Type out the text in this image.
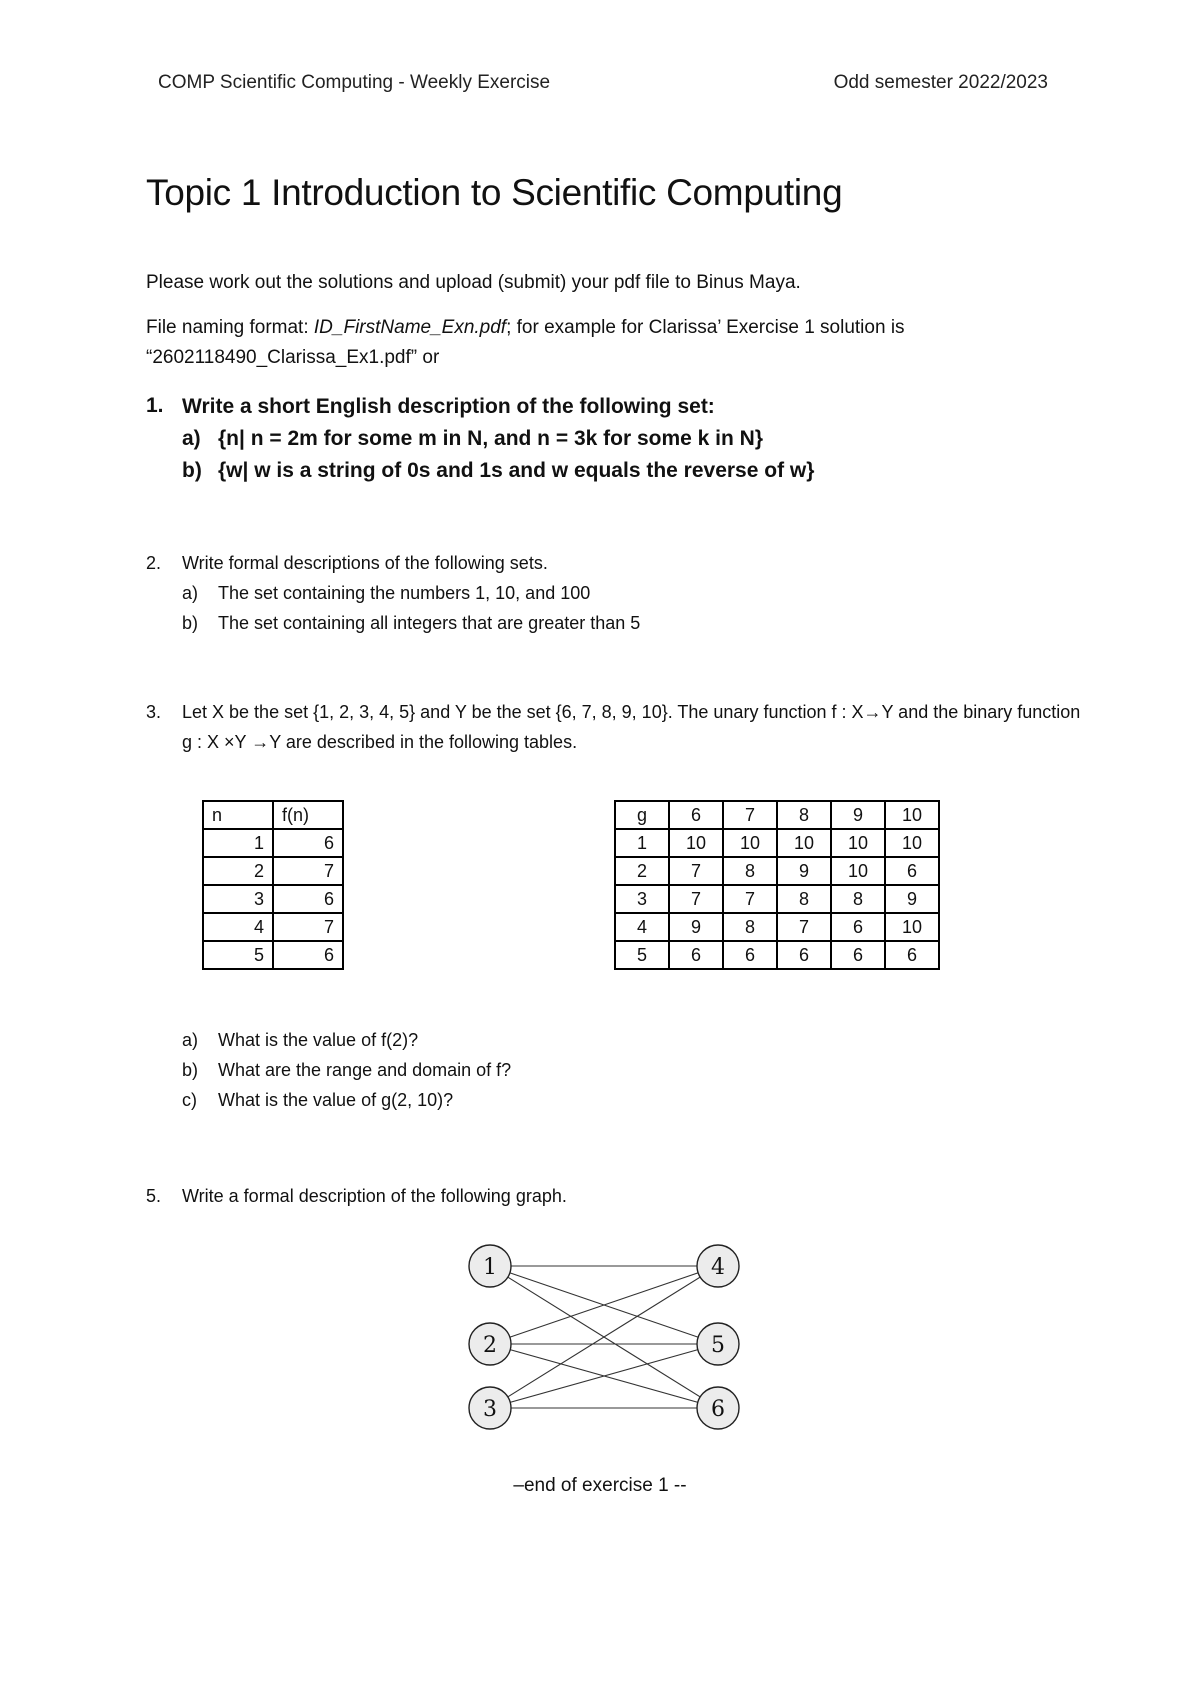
COMP Scientific Computing - Weekly Exercise	Odd semester 2022/2023
Topic 1 Introduction to Scientific Computing
Please work out the solutions and upload (submit) your pdf file to Binus Maya.
File naming format: ID_FirstName_Exn.pdf; for example for Clarissa’ Exercise 1 solution is
“2602118490_Clarissa_Ex1.pdf” or
1. Write a short English description of the following set:
a) {n| n = 2m for some m in N, and n = 3k for some k in N}
b) {w| w is a string of 0s and 1s and w equals the reverse of w}
2. Write formal descriptions of the following sets.
a)	The set containing the numbers 1, 10, and 100
b)	The set containing all integers that are greater than 5
3. Let X be the set {1, 2, 3, 4, 5} and Y be the set {6, 7, 8, 9, 10}. The unary function f : X→Y and the binary function g : X ×Y →Y are described in the following tables.
n	f(n)
1	6
2	7
3	6
4	7
5	6
g	6	7	8	9	10
1	10	10	10	10	10
2	7	8	9	10	6
3	7	7	8	8	9
4	9	8	7	6	10
5	6	6	6	6	6
a)	What is the value of f(2)?
b)	What are the range and domain of f?
c)	What is the value of g(2, 10)?
5. Write a formal description of the following graph.
1
2
3
4
5
6
–end of exercise 1 --
